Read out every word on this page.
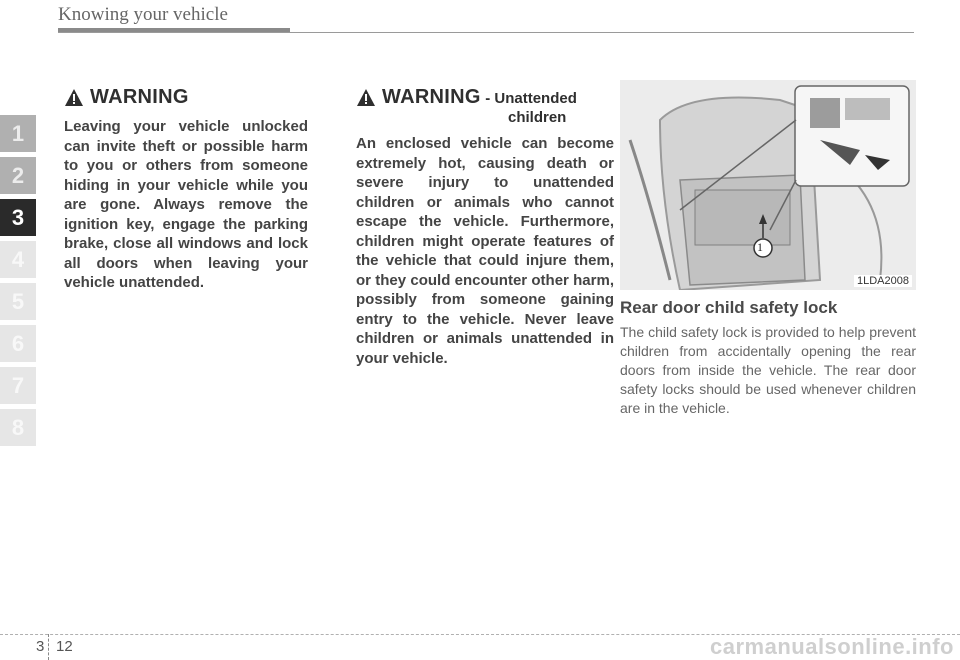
Knowing your vehicle
1
2
3
4
5
6
7
8
WARNING

Leaving your vehicle unlocked can invite theft or possible harm to you or others from someone hiding in your vehicle while you are gone. Always remove the ignition key, engage the parking brake, close all windows and lock all doors when leaving your vehicle unattended.

WARNING - Unattended
children

An enclosed vehicle can become extremely hot, causing death or severe injury to unattended children or animals who cannot escape the vehicle. Furthermore, children might operate features of the vehicle that could injure them, or they could encounter other harm, possibly from someone gaining entry to the vehicle. Never leave children or animals unattended in your vehicle.

1
1LDA2008
Rear door child safety lock

The child safety lock is provided to help prevent children from accidentally opening the rear doors from inside the vehicle. The rear door safety locks should be used whenever children are in the vehicle.

3 12	carmanualsonline.info
